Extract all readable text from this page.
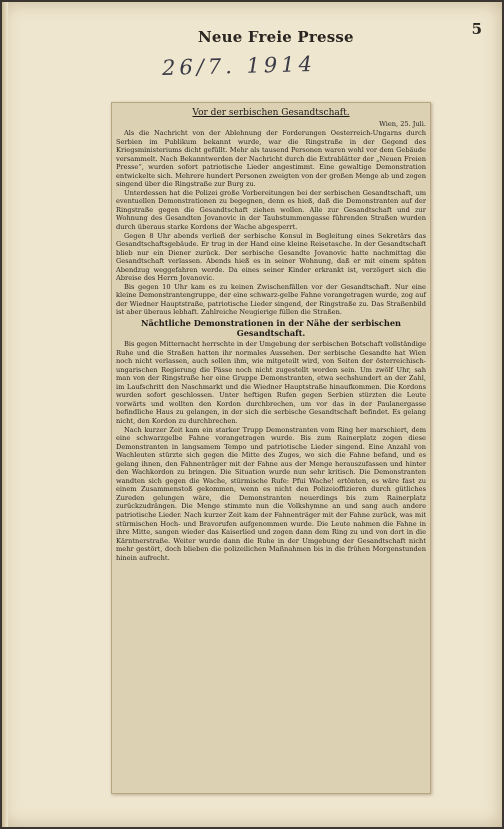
Neue Freie Presse	5
26/7. 1914
Vor der serbischen Gesandtschaft.
Wien, 25. Juli.

Als die Nachricht von der Ablehnung der Forderungen Oesterreich-Ungarns durch Serbien im Publikum bekannt wurde, war die Ringstraße in der Gegend des Kriegsministeriums dicht gefüllt. Mehr als tausend Personen waren wohl vor dem Gebäude versammelt. Nach Bekanntwerden der Nachricht durch die Extrablätter der „Neuen Freien Presse“, wurden sofort patriotische Lieder angestimmt. Eine gewaltige Demonstration entwickelte sich. Mehrere hundert Personen zweigten von der großen Menge ab und zogen singend über die Ringstraße zur Burg zu.

Unterdessen hat die Polizei große Vorbereitungen bei der serbischen Gesandtschaft, um eventuellen Demonstrationen zu begegnen, denn es hieß, daß die Demonstranten auf der Ringstraße gegen die Gesandtschaft ziehen wollen. Alle zur Gesandtschaft und zur Wohnung des Gesandten Jovanovic in der Taubstummengasse führenden Straßen wurden durch überaus starke Kordons der Wache abgesperrt.

Gegen 8 Uhr abends verließ der serbische Konsul in Begleitung eines Sekretärs das Gesandtschaftsgebäude. Er trug in der Hand eine kleine Reisetasche. In der Gesandtschaft blieb nur ein Diener zurück. Der serbische Gesandte Jovanovic hatte nachmittag die Gesandtschaft verlassen. Abends hieß es in seiner Wohnung, daß er mit einem späten Abendzug weggefahren werde. Da eines seiner Kinder erkrankt ist, verzögert sich die Abreise des Herrn Jovanovic.

Bis gegen 10 Uhr kam es zu keinen Zwischenfällen vor der Gesandtschaft. Nur eine kleine Demonstrantengruppe, der eine schwarz-gelbe Fahne vorangetragen wurde, zog auf der Wiedner Hauptstraße, patriotische Lieder singend, der Ringstraße zu. Das Straßenbild ist aber überaus lebhaft. Zahlreiche Neugierige füllen die Straßen.

Nächtliche Demonstrationen in der Nähe der serbischen Gesandtschaft.

Bis gegen Mitternacht herrschte in der Umgebung der serbischen Botschaft vollständige Ruhe und die Straßen hatten ihr normales Aussehen. Der serbische Gesandte hat Wien noch nicht verlassen, auch sollen ihm, wie mitgeteilt wird, von Seiten der österreichisch-ungarischen Regierung die Pässe noch nicht zugestellt worden sein. Um zwölf Uhr, sah man von der Ringstraße her eine Gruppe Demonstranten, etwa sechshundert an der Zahl, im Laufschritt den Naschmarkt und die Wiedner Hauptstraße hinaufkommen. Die Kordons wurden sofort geschlossen. Unter heftigen Rufen gegen Serbien stürzten die Leute vorwärts und wollten den Kordon durchbrechen, um vor das in der Paulanergasse befindliche Haus zu gelangen, in der sich die serbische Gesandtschaft befindet. Es gelang nicht, den Kordon zu durchbrechen.

Nach kurzer Zeit kam ein starker Trupp Demonstranten vom Ring her marschiert, dem eine schwarzgelbe Fahne vorangetragen wurde. Bis zum Rainerplatz zogen diese Demonstranten in langsamem Tempo und patriotische Lieder singend. Eine Anzahl von Wachleuten stürzte sich gegen die Mitte des Zuges, wo sich die Fahne befand, und es gelang ihnen, den Fahnenträger mit der Fahne aus der Menge herauszufassen und hinter den Wachkordon zu bringen. Die Situation wurde nun sehr kritisch. Die Demonstranten wandten sich gegen die Wache, stürmische Rufe: Pfui Wache! ertönten, es wäre fast zu einem Zusammenstoß gekommen, wenn es nicht den Polizeioffizieren durch gütliches Zureden gelungen wäre, die Demonstranten neuerdings bis zum Rainerplatz zurückzudrängen. Die Menge stimmte nun die Volkshymne an und sang auch andere patriotische Lieder. Nach kurzer Zeit kam der Fahnenträger mit der Fahne zurück, was mit stürmischen Hoch- und Bravorufen aufgenommen wurde. Die Leute nahmen die Fahne in ihre Mitte, sangen wieder das Kaiserlied und zogen dann dem Ring zu und von dort in die Kärntnerstraße. Weiter wurde dann die Ruhe in der Umgebung der Gesandtschaft nicht mehr gestört, doch blieben die polizeilichen Maßnahmen bis in die frühen Morgenstunden hinein aufrecht.
